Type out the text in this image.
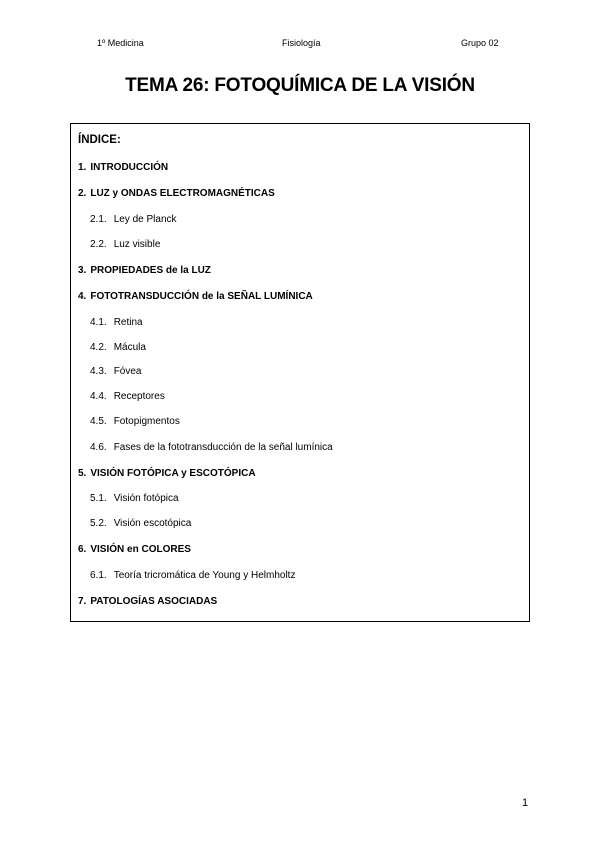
1º Medicina	Fisiología	Grupo 02
TEMA 26: FOTOQUÍMICA DE LA VISIÓN
ÍNDICE:
1. INTRODUCCIÓN
2. LUZ y ONDAS ELECTROMAGNÉTICAS
2.1. Ley de Planck
2.2. Luz visible
3. PROPIEDADES de la LUZ
4. FOTOTRANSDUCCIÓN de la SEÑAL LUMÍNICA
4.1. Retina
4.2. Mácula
4.3. Fóvea
4.4. Receptores
4.5. Fotopigmentos
4.6. Fases de la fototransducción de la señal lumínica
5. VISIÓN FOTÓPICA y ESCOTÓPICA
5.1. Visión fotópica
5.2. Visión escotópica
6. VISIÓN en COLORES
6.1. Teoría tricromática de Young y Helmholtz
7. PATOLOGÍAS ASOCIADAS
1
